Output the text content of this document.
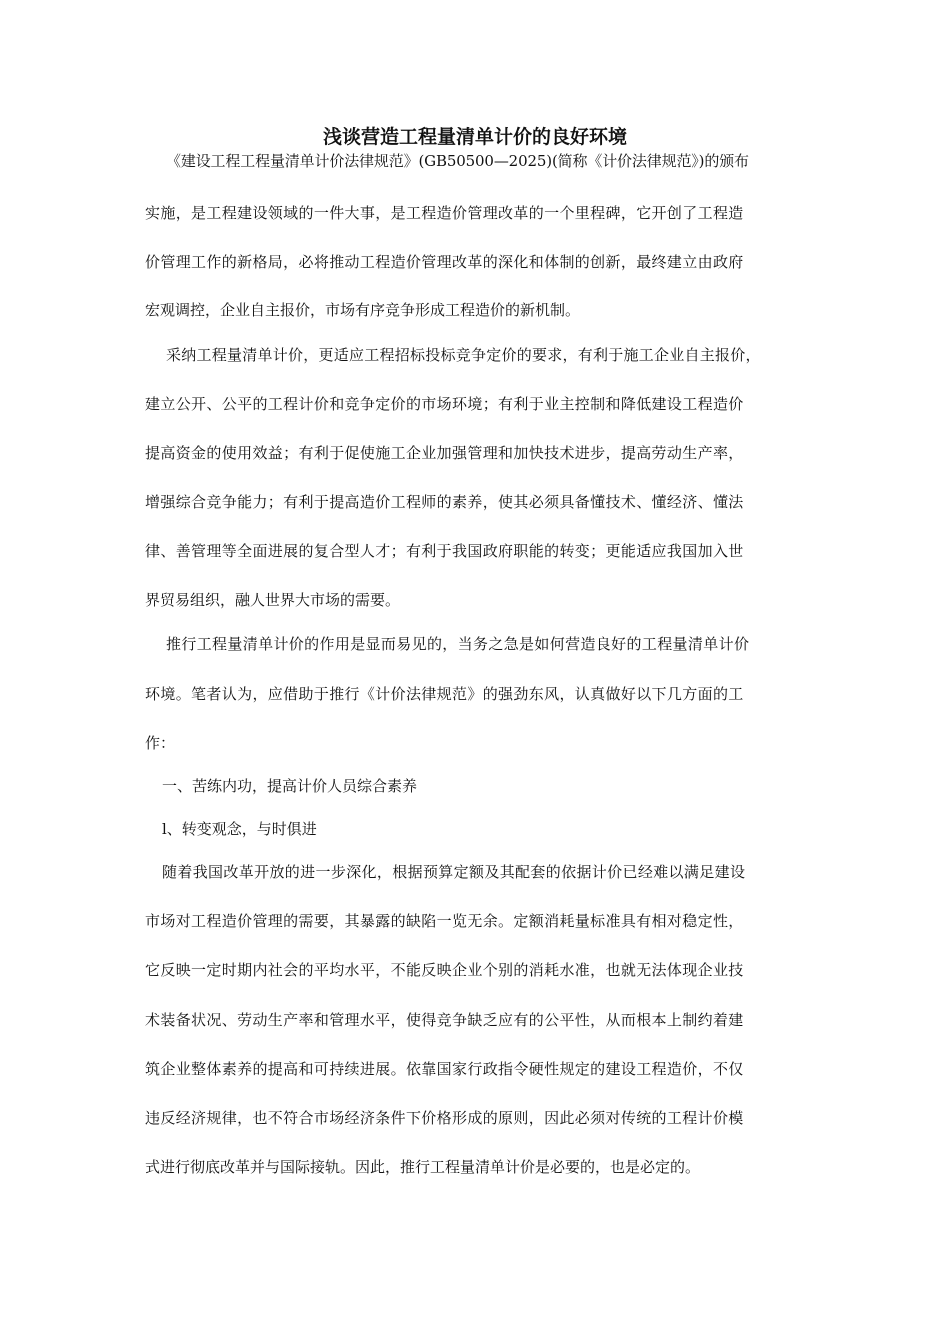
浅谈营造工程量清单计价的良好环境
《建设工程工程量清单计价法律规范》(GB50500—2025)(简称《计价法律规范》)的颁布
实施，是工程建设领域的一件大事，是工程造价管理改革的一个里程碑，它开创了工程造
价管理工作的新格局，必将推动工程造价管理改革的深化和体制的创新，最终建立由政府
宏观调控，企业自主报价，市场有序竞争形成工程造价的新机制。
采纳工程量清单计价，更适应工程招标投标竞争定价的要求，有利于施工企业自主报价，
建立公开、公平的工程计价和竞争定价的市场环境；有利于业主控制和降低建设工程造价
提高资金的使用效益；有利于促使施工企业加强管理和加快技术进步，提高劳动生产率，
增强综合竞争能力；有利于提高造价工程师的素养，使其必须具备懂技术、懂经济、懂法
律、善管理等全面进展的复合型人才；有利于我国政府职能的转变；更能适应我国加入世
界贸易组织，融人世界大市场的需要。
推行工程量清单计价的作用是显而易见的，当务之急是如何营造良好的工程量清单计价
环境。笔者认为，应借助于推行《计价法律规范》的强劲东风，认真做好以下几方面的工
作：
一、苦练内功，提高计价人员综合素养
l、转变观念，与时俱进
随着我国改革开放的进一步深化，根据预算定额及其配套的依据计价已经难以满足建设
市场对工程造价管理的需要，其暴露的缺陷一览无余。定额消耗量标准具有相对稳定性，
它反映一定时期内社会的平均水平，不能反映企业个别的消耗水准，也就无法体现企业技
术装备状况、劳动生产率和管理水平，使得竞争缺乏应有的公平性，从而根本上制约着建
筑企业整体素养的提高和可持续进展。依靠国家行政指令硬性规定的建设工程造价，不仅
违反经济规律，也不符合市场经济条件下价格形成的原则，因此必须对传统的工程计价模
式进行彻底改革并与国际接轨。因此，推行工程量清单计价是必要的，也是必定的。
